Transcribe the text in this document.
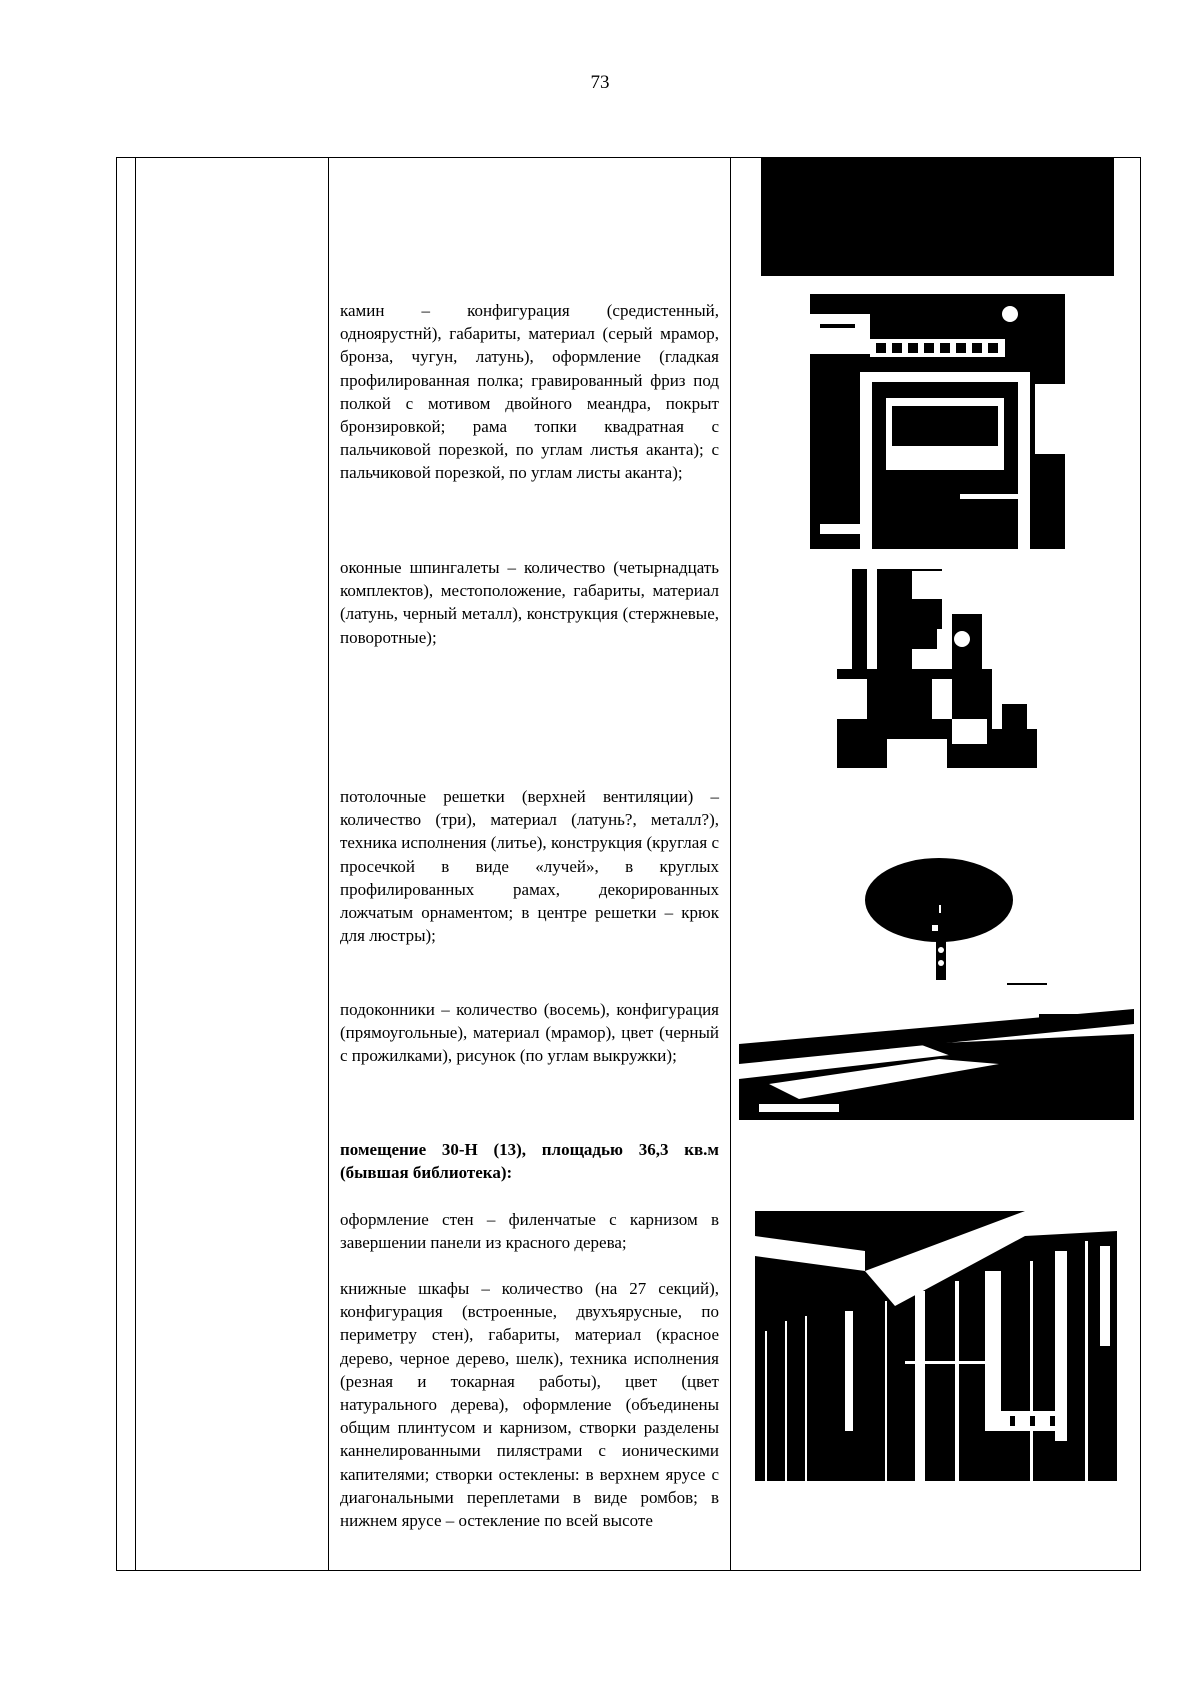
73
камин – конфигурация (средистенный, одноярустнй), габариты, материал (серый мрамор, бронза, чугун, латунь), оформление (гладкая профилированная полка; гравированный фриз под полкой с мотивом двойного меандра, покрыт бронзировкой; рама топки квадратная с пальчиковой порезкой, по углам листья аканта); с пальчиковой порезкой, по углам листы аканта);
оконные шпингалеты – количество (четырнадцать комплектов), местоположение, габариты, материал (латунь, черный металл), конструкция (стержневые, поворотные);
потолочные решетки (верхней вентиляции) – количество (три), материал (латунь?, металл?), техника исполнения (литье), конструкция (круглая с просечкой в виде «лучей», в круглых профилированных рамах, декорированных ложчатым орнаментом; в центре решетки – крюк для люстры);
подоконники – количество (восемь), конфигурация (прямоугольные), материал (мрамор), цвет (черный с прожилками), рисунок (по углам выкружки);
помещение 30-Н (13), площадью 36,3 кв.м (бывшая библиотека):
оформление стен – филенчатые с карнизом в завершении панели из красного дерева;
книжные шкафы – количество (на 27 секций), конфигурация (встроенные, двухъярусные, по периметру стен), габариты, материал (красное дерево, черное дерево, шелк), техника исполнения (резная и токарная работы), цвет (цвет натурального дерева), оформление (объединены общим плинтусом и карнизом, створки разделены каннелированными пилястрами с ионическими капителями; створки остеклены: в верхнем ярусе с диагональными переплетами в виде ромбов; в нижнем ярусе – остекление по всей высоте
